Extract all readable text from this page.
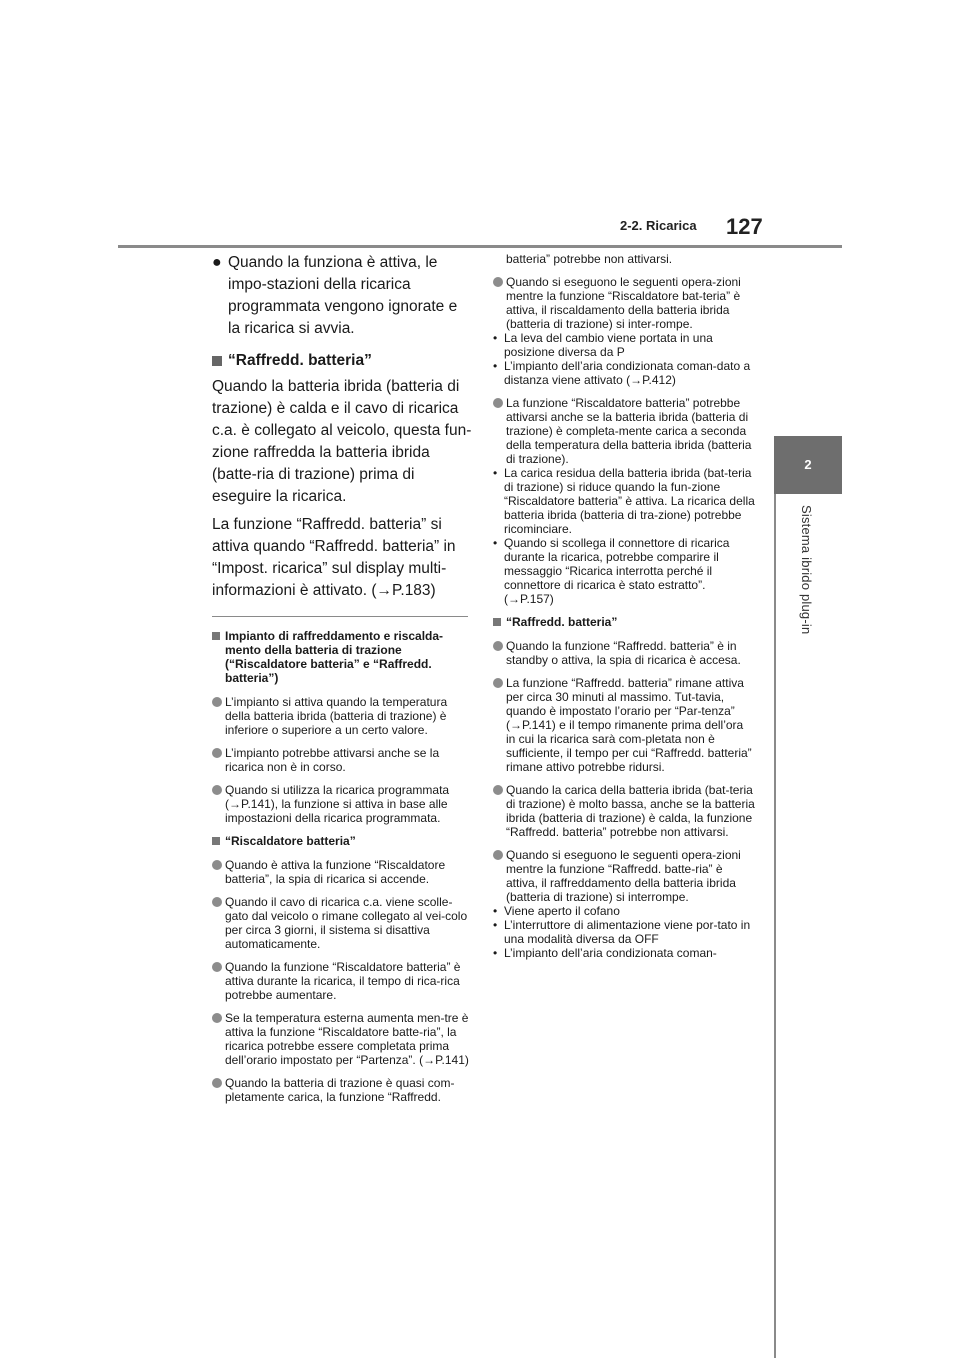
2-2. Ricarica 127
2
Sistema ibrido plug-in
● Quando la funziona è attiva, le impo-stazioni della ricarica programmata vengono ignorate e la ricarica si avvia.
“Raffredd. batteria”

Quando la batteria ibrida (batteria di trazione) è calda e il cavo di ricarica c.a. è collegato al veicolo, questa fun-zione raffredda la batteria ibrida (batte-ria di trazione) prima di eseguire la ricarica.

La funzione “Raffredd. batteria” si attiva quando “Raffredd. batteria” in “Impost. ricarica” sul display multi-informazioni è attivato. (→P.183)

Impianto di raffreddamento e riscalda-mento della batteria di trazione (“Riscaldatore batteria” e “Raffredd. batteria”)
L’impianto si attiva quando la temperatura della batteria ibrida (batteria di trazione) è inferiore o superiore a un certo valore.
L’impianto potrebbe attivarsi anche se la ricarica non è in corso.
Quando si utilizza la ricarica programmata (→P.141), la funzione si attiva in base alle impostazioni della ricarica programmata.
“Riscaldatore batteria”
Quando è attiva la funzione “Riscaldatore batteria”, la spia di ricarica si accende.
Quando il cavo di ricarica c.a. viene scolle-gato dal veicolo o rimane collegato al vei-colo per circa 3 giorni, il sistema si disattiva automaticamente.
Quando la funzione “Riscaldatore batteria” è attiva durante la ricarica, il tempo di rica-rica potrebbe aumentare.
Se la temperatura esterna aumenta men-tre è attiva la funzione “Riscaldatore batte-ria”, la ricarica potrebbe essere completata prima dell’orario impostato per “Partenza”. (→P.141)
Quando la batteria di trazione è quasi com-pletamente carica, la funzione “Raffredd.

batteria” potrebbe non attivarsi.

Quando si eseguono le seguenti opera-zioni mentre la funzione “Riscaldatore bat-teria” è attiva, il riscaldamento della batteria ibrida (batteria di trazione) si inter-rompe.
• La leva del cambio viene portata in una posizione diversa da P
• L’impianto dell’aria condizionata coman-dato a distanza viene attivato (→P.412)
La funzione “Riscaldatore batteria” potrebbe attivarsi anche se la batteria ibrida (batteria di trazione) è completa-mente carica a seconda della temperatura della batteria ibrida (batteria di trazione).
• La carica residua della batteria ibrida (bat-teria di trazione) si riduce quando la fun-zione “Riscaldatore batteria” è attiva. La ricarica della batteria ibrida (batteria di tra-zione) potrebbe ricominciare.
• Quando si scollega il connettore di ricarica durante la ricarica, potrebbe comparire il messaggio “Ricarica interrotta perché il connettore di ricarica è stato estratto”. (→P.157)
“Raffredd. batteria”
Quando la funzione “Raffredd. batteria” è in standby o attiva, la spia di ricarica è accesa.
La funzione “Raffredd. batteria” rimane attiva per circa 30 minuti al massimo. Tut-tavia, quando è impostato l’orario per “Par-tenza” (→P.141) e il tempo rimanente prima dell’ora in cui la ricarica sarà com-pletata non è sufficiente, il tempo per cui “Raffredd. batteria” rimane attivo potrebbe ridursi.
Quando la carica della batteria ibrida (bat-teria di trazione) è molto bassa, anche se la batteria ibrida (batteria di trazione) è calda, la funzione “Raffredd. batteria” potrebbe non attivarsi.
Quando si eseguono le seguenti opera-zioni mentre la funzione “Raffredd. batte-ria” è attiva, il raffreddamento della batteria ibrida (batteria di trazione) si interrompe.
• Viene aperto il cofano
• L’interruttore di alimentazione viene por-tato in una modalità diversa da OFF
• L’impianto dell’aria condizionata coman-
